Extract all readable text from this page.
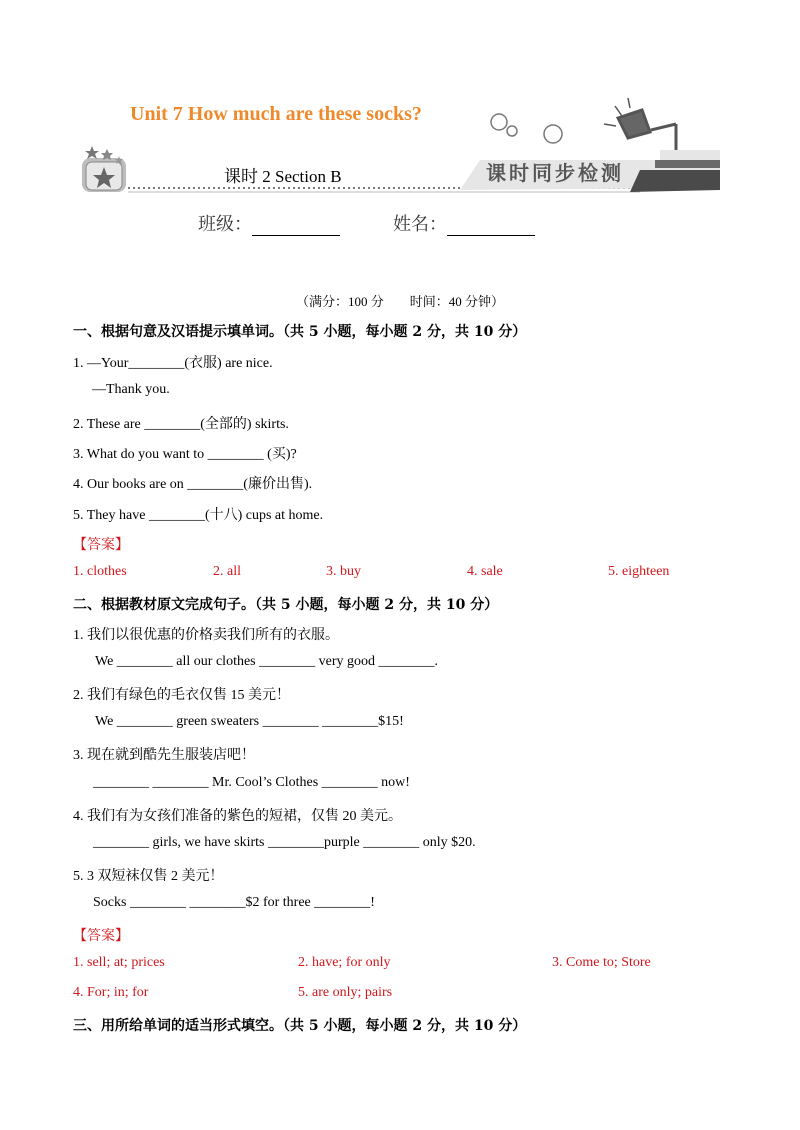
Unit 7 How much are these socks?
课时 2 Section B	课时同步检测
班级：	姓名：
（满分：100 分　　时间：40 分钟）
一、根据句意及汉语提示填单词。（共 5 小题，每小题 2 分，共 10 分）
1. —Your________(衣服) are nice.
—Thank you.
2. These are ________(全部的) skirts.
3. What do you want to ________ (买)?
4. Our books are on ________(廉价出售).
5. They have ________(十八) cups at home.
【答案】
1. clothes	2. all	3. buy	4. sale	5. eighteen
二、根据教材原文完成句子。（共 5 小题，每小题 2 分，共 10 分）
1. 我们以很优惠的价格卖我们所有的衣服。
We ________ all our clothes ________ very good ________.
2. 我们有绿色的毛衣仅售 15 美元！
We ________ green sweaters ________ ________$15!
3. 现在就到酷先生服装店吧！
________ ________ Mr. Cool’s Clothes ________ now!
4. 我们有为女孩们准备的紫色的短裙，仅售 20 美元。
________ girls, we have skirts ________purple ________ only $20.
5. 3 双短袜仅售 2 美元！
Socks ________ ________$2 for three ________!
【答案】
1. sell; at; prices	2. have; for only	3. Come to; Store
4. For; in; for	5. are only; pairs
三、用所给单词的适当形式填空。（共 5 小题，每小题 2 分，共 10 分）
